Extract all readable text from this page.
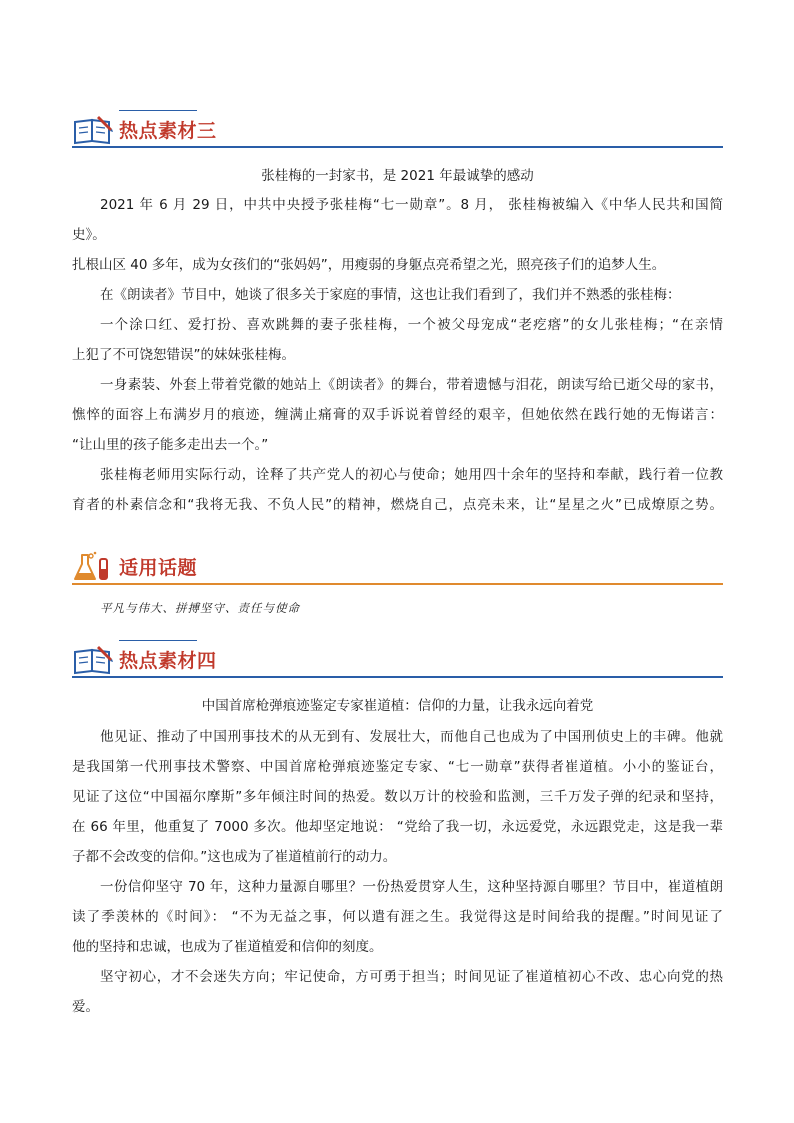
热点素材三
张桂梅的一封家书，是 2021 年最诚挚的感动
2021 年 6 月 29 日，中共中央授予张桂梅“七一勋章”。8 月， 张桂梅被编入《中华人民共和国简
史》。
扎根山区 40 多年，成为女孩们的“张妈妈”，用瘦弱的身躯点亮希望之光，照亮孩子们的追梦人生。
在《朗读者》节目中，她谈了很多关于家庭的事情，这也让我们看到了，我们并不熟悉的张桂梅：
一个涂口红、爱打扮、喜欢跳舞的妻子张桂梅，一个被父母宠成“老疙瘩”的女儿张桂梅；“在亲情
上犯了不可饶恕错误”的妹妹张桂梅。
一身素装、外套上带着党徽的她站上《朗读者》的舞台，带着遗憾与泪花，朗读写给已逝父母的家书，
憔悴的面容上布满岁月的痕迹，缠满止痛膏的双手诉说着曾经的艰辛，但她依然在践行她的无悔诺言：
“让山里的孩子能多走出去一个。”
张桂梅老师用实际行动，诠释了共产党人的初心与使命；她用四十余年的坚持和奉献，践行着一位教
育者的朴素信念和“我将无我、不负人民”的精神，燃烧自己，点亮未来，让“星星之火”已成燎原之势。
适用话题
平凡与伟大、拼搏坚守、责任与使命
热点素材四
中国首席枪弹痕迹鉴定专家崔道植：信仰的力量，让我永远向着党
他见证、推动了中国刑事技术的从无到有、发展壮大，而他自己也成为了中国刑侦史上的丰碑。他就
是我国第一代刑事技术警察、中国首席枪弹痕迹鉴定专家、“七一勋章”获得者崔道植。小小的鉴证台，
见证了这位“中国福尔摩斯”多年倾注时间的热爱。数以万计的校验和监测，三千万发子弹的纪录和坚持，
在 66 年里，他重复了 7000 多次。他却坚定地说： “党给了我一切，永远爱党，永远跟党走，这是我一辈
子都不会改变的信仰。”这也成为了崔道植前行的动力。
一份信仰坚守 70 年，这种力量源自哪里？一份热爱贯穿人生，这种坚持源自哪里？节目中，崔道植朗
读了季羡林的《时间》： “不为无益之事，何以遣有涯之生。我觉得这是时间给我的提醒。”时间见证了
他的坚持和忠诚，也成为了崔道植爱和信仰的刻度。
坚守初心，才不会迷失方向；牢记使命，方可勇于担当；时间见证了崔道植初心不改、忠心向党的热
爱。
